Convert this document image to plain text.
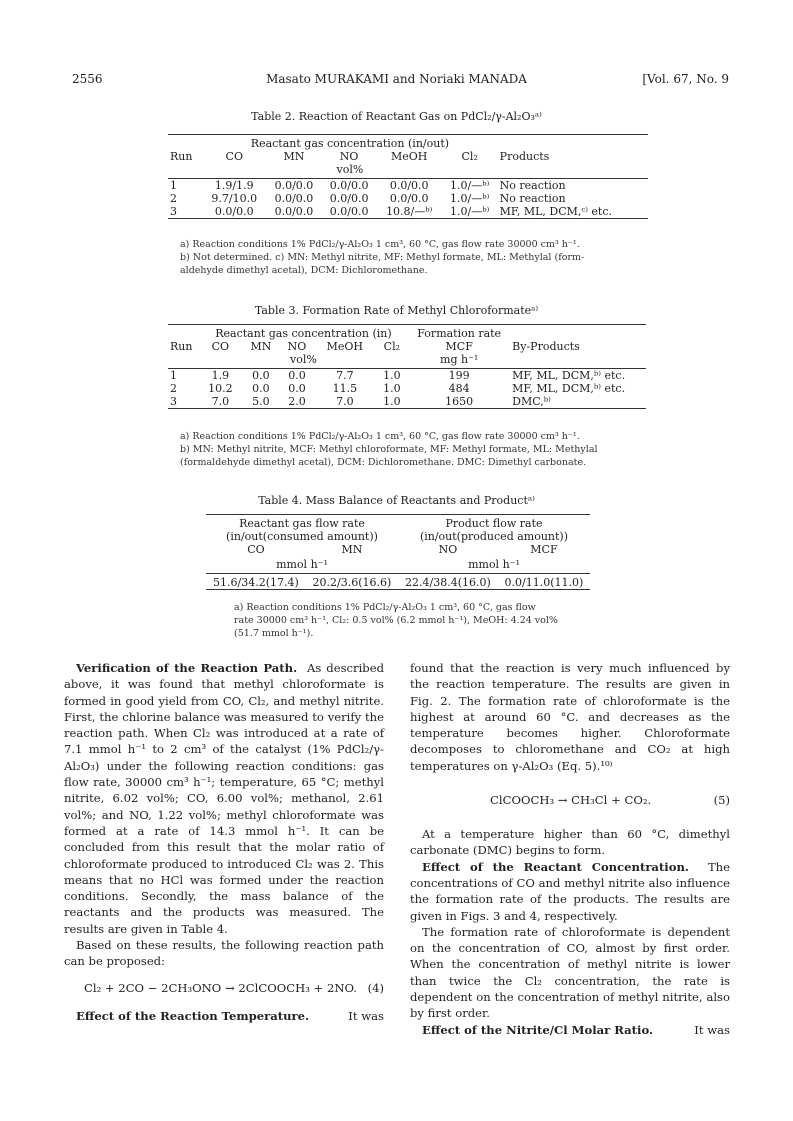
2556	Masato MURAKAMI and Noriaki MANADA	[Vol. 67, No. 9
Table 2. Reaction of Reactant Gas on PdCl₂/γ-Al₂O₃ᵃ⁾
	Reactant gas concentration (in/out)					
Run	CO	MN	NO	MeOH	Cl₂	Products
	vol%					
1	1.9/1.9	0.0/0.0	0.0/0.0	0.0/0.0	1.0/—ᵇ⁾	No reaction
2	9.7/10.0	0.0/0.0	0.0/0.0	0.0/0.0	1.0/—ᵇ⁾	No reaction
3	0.0/0.0	0.0/0.0	0.0/0.0	10.8/—ᵇ⁾	1.0/—ᵇ⁾	MF, ML, DCM,ᶜ⁾ etc.
a) Reaction conditions 1% PdCl₂/γ-Al₂O₃ 1 cm³, 60 °C, gas flow rate 30000 cm³ h⁻¹.
b) Not determined. c) MN: Methyl nitrite, MF: Methyl formate, ML: Methylal (form-
aldehyde dimethyl acetal), DCM: Dichloromethane.
Table 3. Formation Rate of Methyl Chloroformateᵃ⁾
	Reactant gas concentration (in)					Formation rate	
Run	CO	MN	NO	MeOH	Cl₂	MCF	By-Products
	vol%					mg h⁻¹	
1	1.9	0.0	0.0	7.7	1.0	199	MF, ML, DCM,ᵇ⁾ etc.
2	10.2	0.0	0.0	11.5	1.0	484	MF, ML, DCM,ᵇ⁾ etc.
3	7.0	5.0	2.0	7.0	1.0	1650	DMC,ᵇ⁾
a) Reaction conditions 1% PdCl₂/γ-Al₂O₃ 1 cm³, 60 °C, gas flow rate 30000 cm³ h⁻¹.
b) MN: Methyl nitrite, MCF: Methyl chloroformate, MF: Methyl formate, ML: Methylal
(formaldehyde dimethyl acetal), DCM: Dichloromethane. DMC: Dimethyl carbonate.
Table 4. Mass Balance of Reactants and Productᵃ⁾
Reactant gas flow rate		Product flow rate	
(in/out(consumed amount))		(in/out(produced amount))	
CO	MN	NO	MCF
mmol h⁻¹		mmol h⁻¹	
51.6/34.2(17.4)	20.2/3.6(16.6)	22.4/38.4(16.0)	0.0/11.0(11.0)
a) Reaction conditions 1% PdCl₂/γ-Al₂O₃ 1 cm³, 60 °C, gas flow
rate 30000 cm³ h⁻¹, Cl₂: 0.5 vol% (6.2 mmol h⁻¹), MeOH: 4.24 vol%
(51.7 mmol h⁻¹).

Verification of the Reaction Path. As described above, it was found that methyl chloroformate is formed in good yield from CO, Cl₂, and methyl nitrite. First, the chlorine balance was measured to verify the reaction path. When Cl₂ was introduced at a rate of 7.1 mmol h⁻¹ to 2 cm³ of the catalyst (1% PdCl₂/γ-Al₂O₃) under the following reaction conditions: gas flow rate, 30000 cm³ h⁻¹; temperature, 65 °C; methyl nitrite, 6.02 vol%; CO, 6.00 vol%; methanol, 2.61 vol%; and NO, 1.22 vol%; methyl chloroformate was formed at a rate of 14.3 mmol h⁻¹. It can be concluded from this result that the molar ratio of chloroformate produced to introduced Cl₂ was 2. This means that no HCl was formed under the reaction conditions. Secondly, the mass balance of the reactants and the products was measured. The results are given in Table 4.

Based on these results, the following reaction path can be proposed:

Cl₂ + 2CO − 2CH₃ONO → 2ClCOOCH₃ + 2NO. (4)

Effect of the Reaction Temperature.	It was

found that the reaction is very much influenced by the reaction temperature. The results are given in Fig. 2. The formation rate of chloroformate is the highest at around 60 °C. and decreases as the temperature becomes higher. Chloroformate decomposes to chloromethane and CO₂ at high temperatures on γ-Al₂O₃ (Eq. 5).¹⁰⁾

ClCOOCH₃ → CH₃Cl + CO₂.	(5)

At a temperature higher than 60 °C, dimethyl carbonate (DMC) begins to form.

Effect of the Reactant Concentration. The concentrations of CO and methyl nitrite also influence the formation rate of the products. The results are given in Figs. 3 and 4, respectively.

The formation rate of chloroformate is dependent on the concentration of CO, almost by first order. When the concentration of methyl nitrite is lower than twice the Cl₂ concentration, the rate is dependent on the concentration of methyl nitrite, also by first order.

Effect of the Nitrite/Cl Molar Ratio.	It was
